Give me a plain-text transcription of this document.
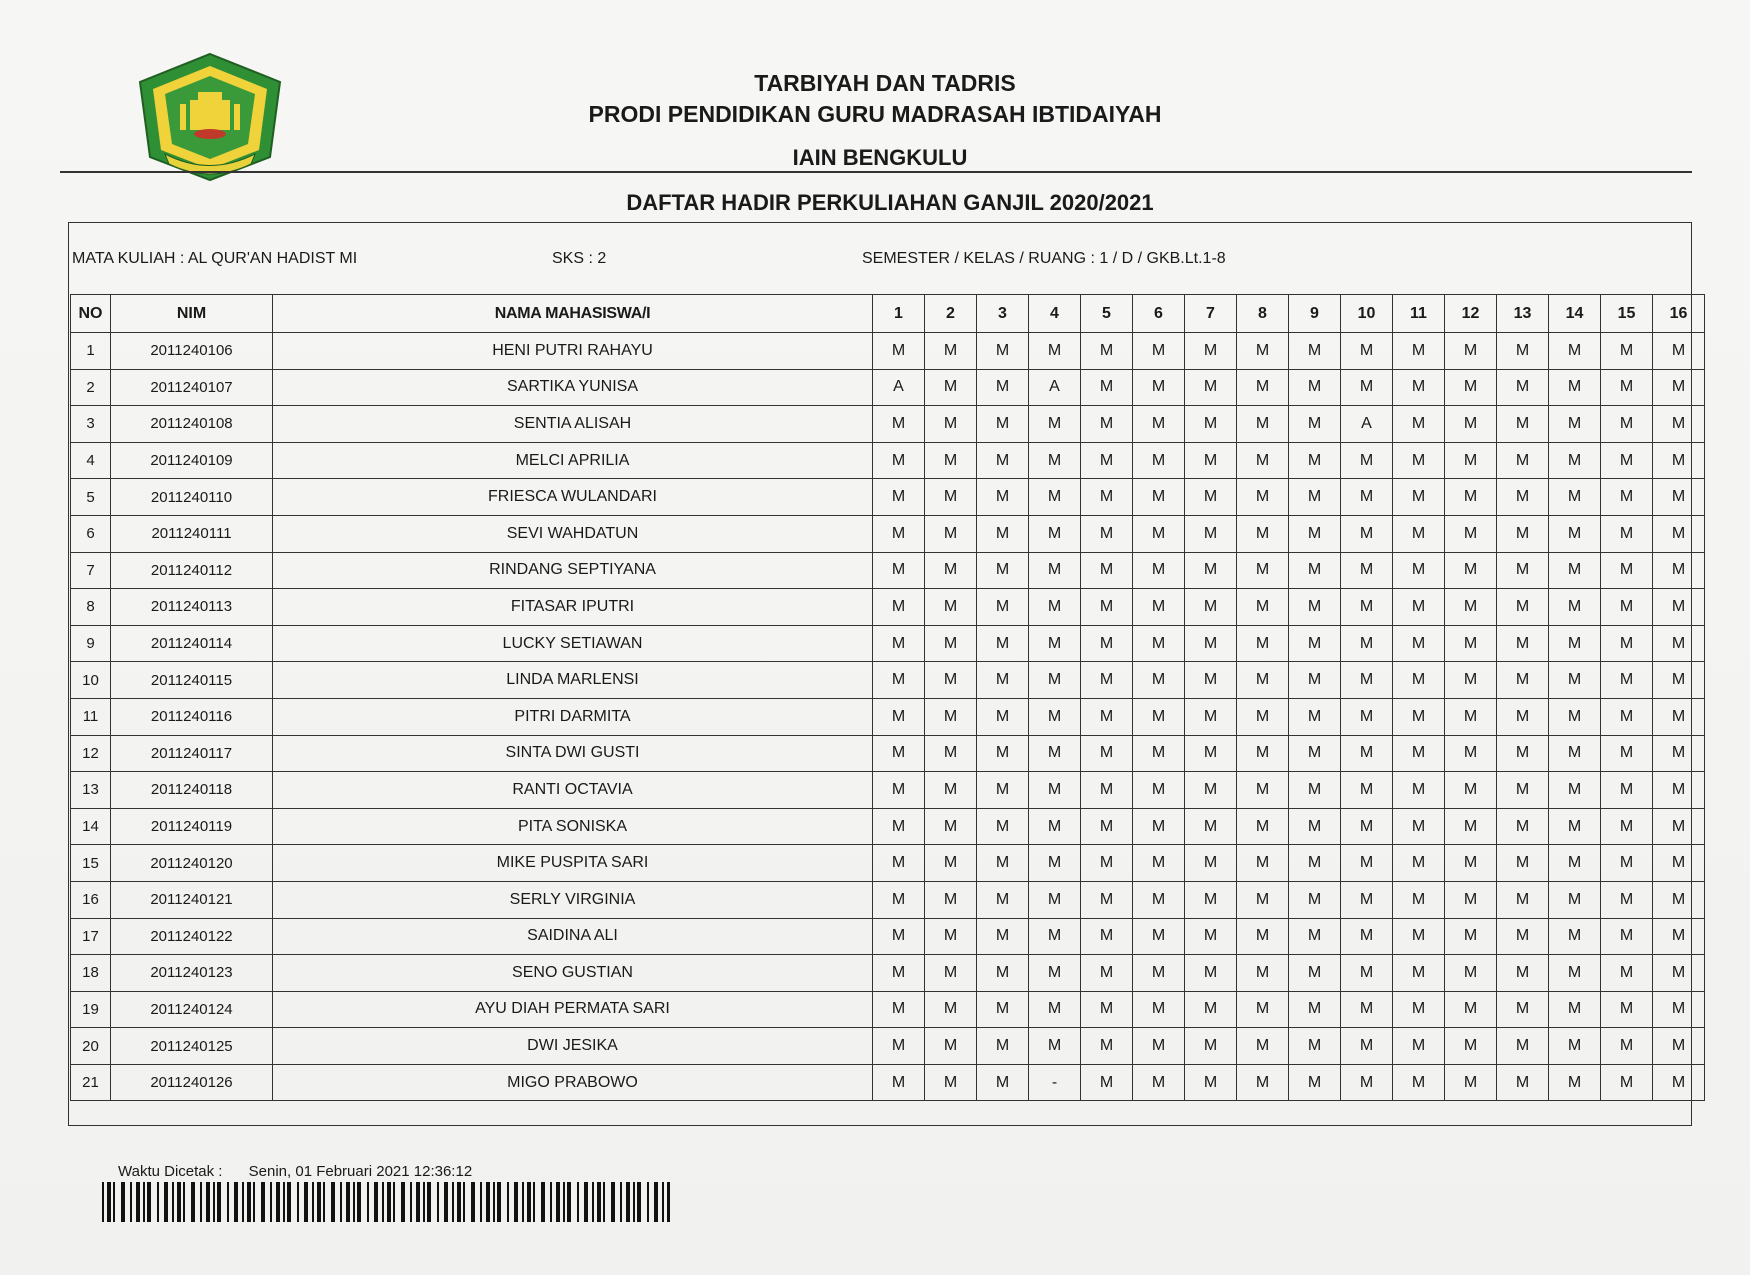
TARBIYAH DAN TADRIS
PRODI PENDIDIKAN GURU MADRASAH IBTIDAIYAH
IAIN BENGKULU
DAFTAR HADIR PERKULIAHAN GANJIL 2020/2021
MATA KULIAH : AL QUR'AN HADIST MI	SKS : 2	SEMESTER / KELAS / RUANG : 1 / D / GKB.Lt.1-8
NO	NIM	NAMA MAHASISWA/I	1	2	3	4	5	6	7	8	9	10	11	12	13	14	15	16
1	2011240106	HENI PUTRI RAHAYU	M	M	M	M	M	M	M	M	M	M	M	M	M	M	M	M
2	2011240107	SARTIKA YUNISA	A	M	M	A	M	M	M	M	M	M	M	M	M	M	M	M
3	2011240108	SENTIA ALISAH	M	M	M	M	M	M	M	M	M	A	M	M	M	M	M	M
4	2011240109	MELCI APRILIA	M	M	M	M	M	M	M	M	M	M	M	M	M	M	M	M
5	2011240110	FRIESCA WULANDARI	M	M	M	M	M	M	M	M	M	M	M	M	M	M	M	M
6	2011240111	SEVI WAHDATUN	M	M	M	M	M	M	M	M	M	M	M	M	M	M	M	M
7	2011240112	RINDANG SEPTIYANA	M	M	M	M	M	M	M	M	M	M	M	M	M	M	M	M
8	2011240113	FITASAR IPUTRI	M	M	M	M	M	M	M	M	M	M	M	M	M	M	M	M
9	2011240114	LUCKY SETIAWAN	M	M	M	M	M	M	M	M	M	M	M	M	M	M	M	M
10	2011240115	LINDA MARLENSI	M	M	M	M	M	M	M	M	M	M	M	M	M	M	M	M
11	2011240116	PITRI DARMITA	M	M	M	M	M	M	M	M	M	M	M	M	M	M	M	M
12	2011240117	SINTA DWI GUSTI	M	M	M	M	M	M	M	M	M	M	M	M	M	M	M	M
13	2011240118	RANTI OCTAVIA	M	M	M	M	M	M	M	M	M	M	M	M	M	M	M	M
14	2011240119	PITA SONISKA	M	M	M	M	M	M	M	M	M	M	M	M	M	M	M	M
15	2011240120	MIKE PUSPITA SARI	M	M	M	M	M	M	M	M	M	M	M	M	M	M	M	M
16	2011240121	SERLY VIRGINIA	M	M	M	M	M	M	M	M	M	M	M	M	M	M	M	M
17	2011240122	SAIDINA ALI	M	M	M	M	M	M	M	M	M	M	M	M	M	M	M	M
18	2011240123	SENO GUSTIAN	M	M	M	M	M	M	M	M	M	M	M	M	M	M	M	M
19	2011240124	AYU DIAH PERMATA SARI	M	M	M	M	M	M	M	M	M	M	M	M	M	M	M	M
20	2011240125	DWI JESIKA	M	M	M	M	M	M	M	M	M	M	M	M	M	M	M	M
21	2011240126	MIGO PRABOWO	M	M	M	-	M	M	M	M	M	M	M	M	M	M	M	M
Waktu Dicetak : Senin, 01 Februari 2021 12:36:12
